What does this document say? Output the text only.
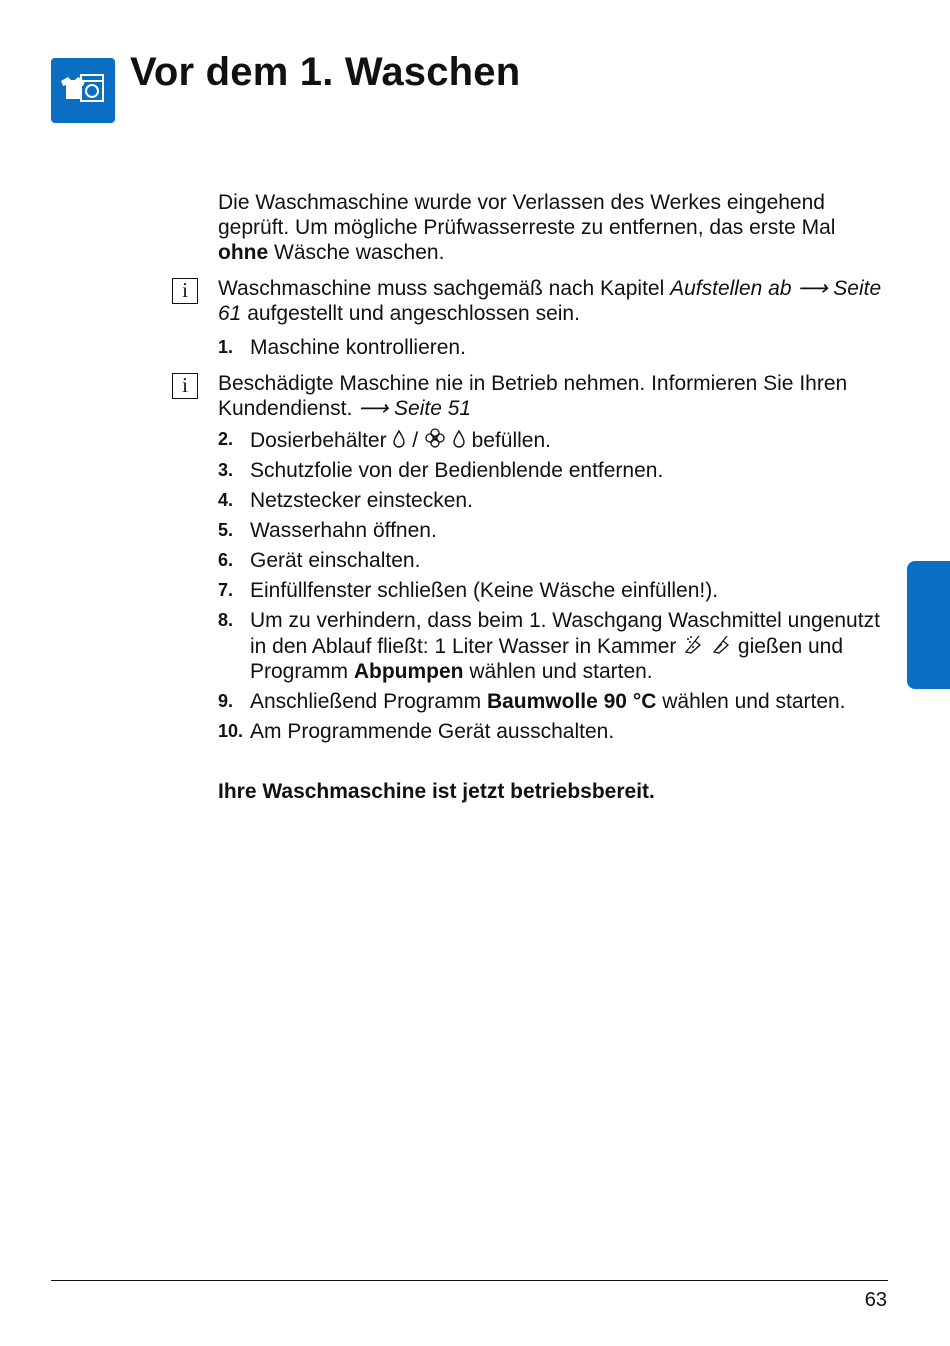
Vor dem 1. Waschen

Die Waschmaschine wurde vor Verlassen des Werkes eingehend geprüft. Um mögliche Prüfwasserreste zu entfernen, das erste Mal ohne Wäsche waschen.

i	Waschmaschine muss sachgemäß nach Kapitel Aufstellen ab ⟶ Seite 61 aufgestellt und angeschlossen sein.

1. Maschine kontrollieren.
i	Beschädigte Maschine nie in Betrieb nehmen. Informieren Sie Ihren Kundendienst. ⟶ Seite 51

2. Dosierbehälter  /   befüllen.
3. Schutzfolie von der Bedienblende entfernen.
4. Netzstecker einstecken.
5. Wasserhahn öffnen.
6. Gerät einschalten.
7. Einfüllfenster schließen (Keine Wäsche einfüllen!).
8. Um zu verhindern, dass beim 1. Waschgang Waschmittel ungenutzt in den Ablauf fließt: 1 Liter Wasser in Kammer   gießen und Programm Abpumpen wählen und starten.
9. Anschließend Programm Baumwolle 90 °C wählen und starten.
10. Am Programmende Gerät ausschalten.

Ihre Waschmaschine ist jetzt betriebsbereit.

63
